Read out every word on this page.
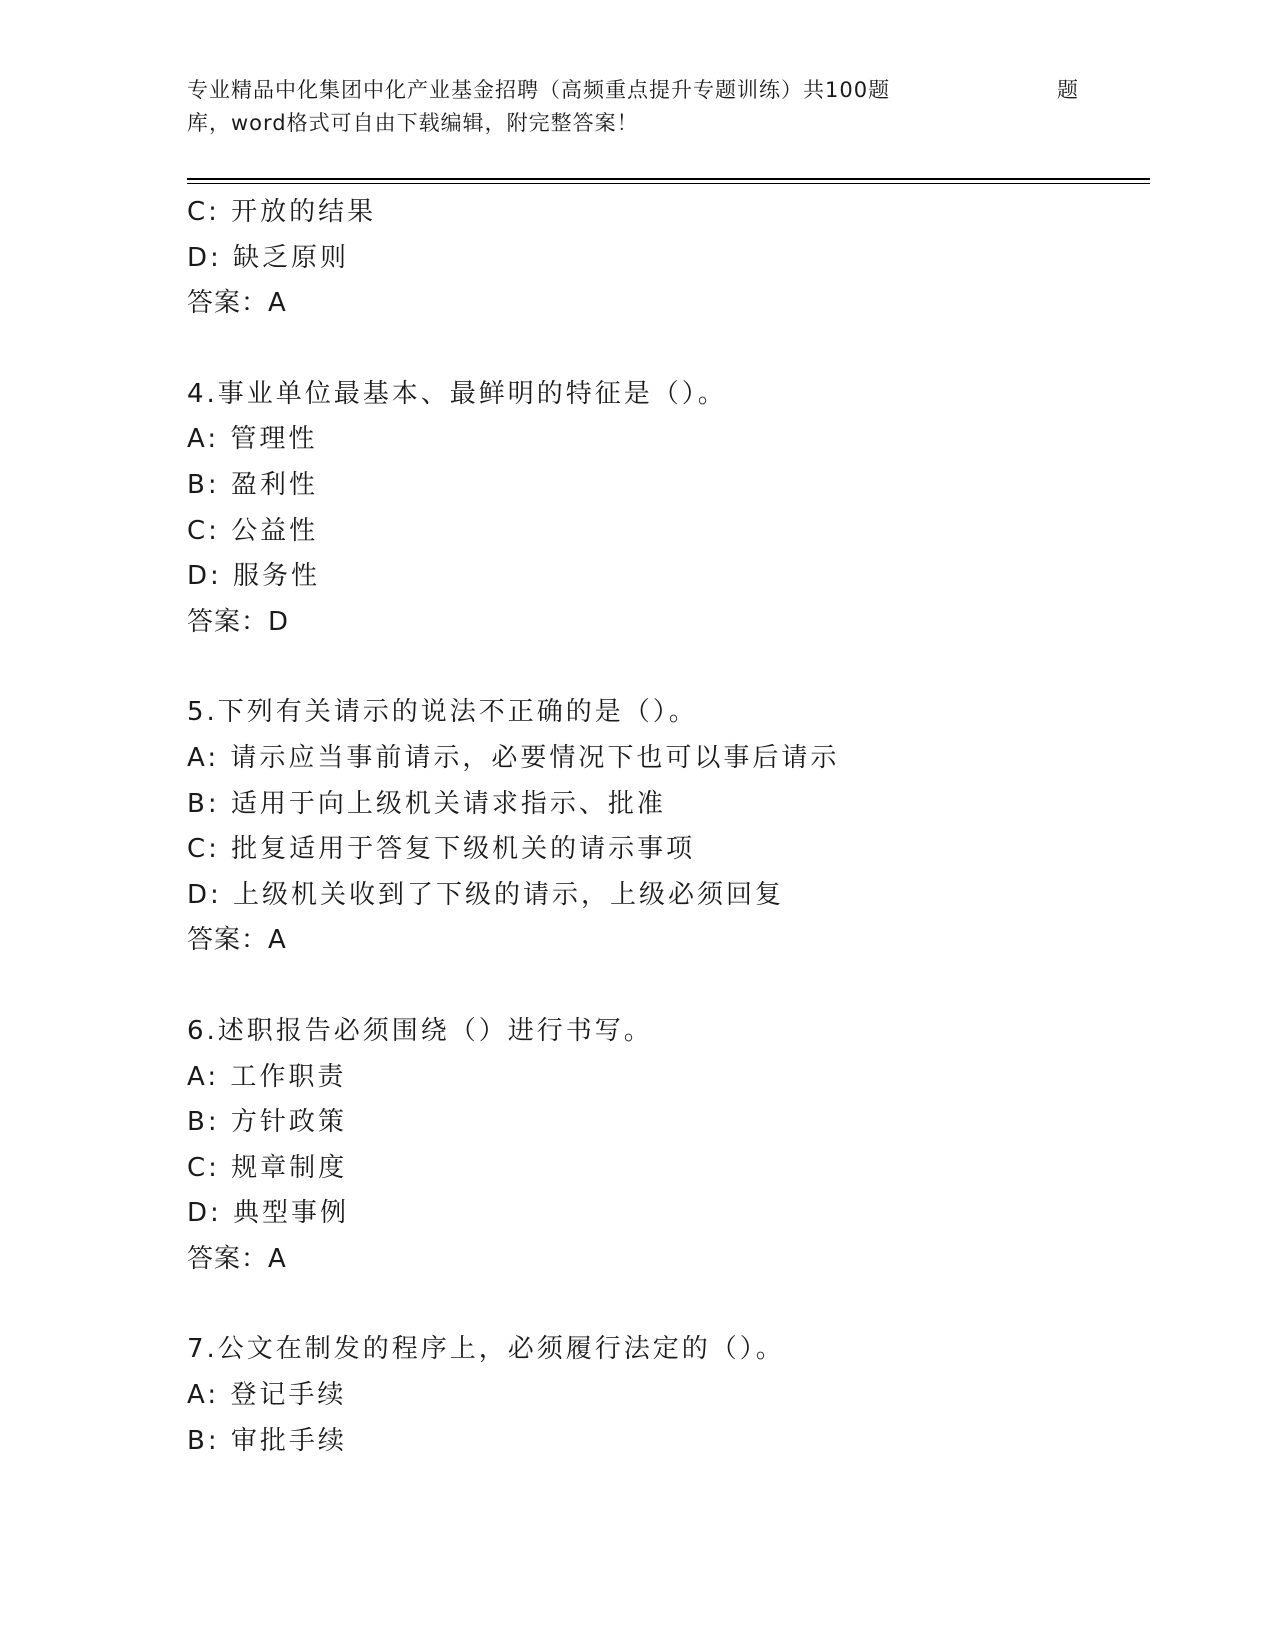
专业精品中化集团中化产业基金招聘（高频重点提升专题训练）共100题	题
库，word格式可自由下载编辑，附完整答案！
C: 开放的结果
D: 缺乏原则
答案：A
4.事业单位最基本、最鲜明的特征是（）。
A: 管理性
B: 盈利性
C: 公益性
D: 服务性
答案：D
5.下列有关请示的说法不正确的是（）。
A: 请示应当事前请示，必要情况下也可以事后请示
B: 适用于向上级机关请求指示、批准
C: 批复适用于答复下级机关的请示事项
D: 上级机关收到了下级的请示，上级必须回复
答案：A
6.述职报告必须围绕（）进行书写。
A: 工作职责
B: 方针政策
C: 规章制度
D: 典型事例
答案：A
7.公文在制发的程序上，必须履行法定的（）。
A: 登记手续
B: 审批手续
